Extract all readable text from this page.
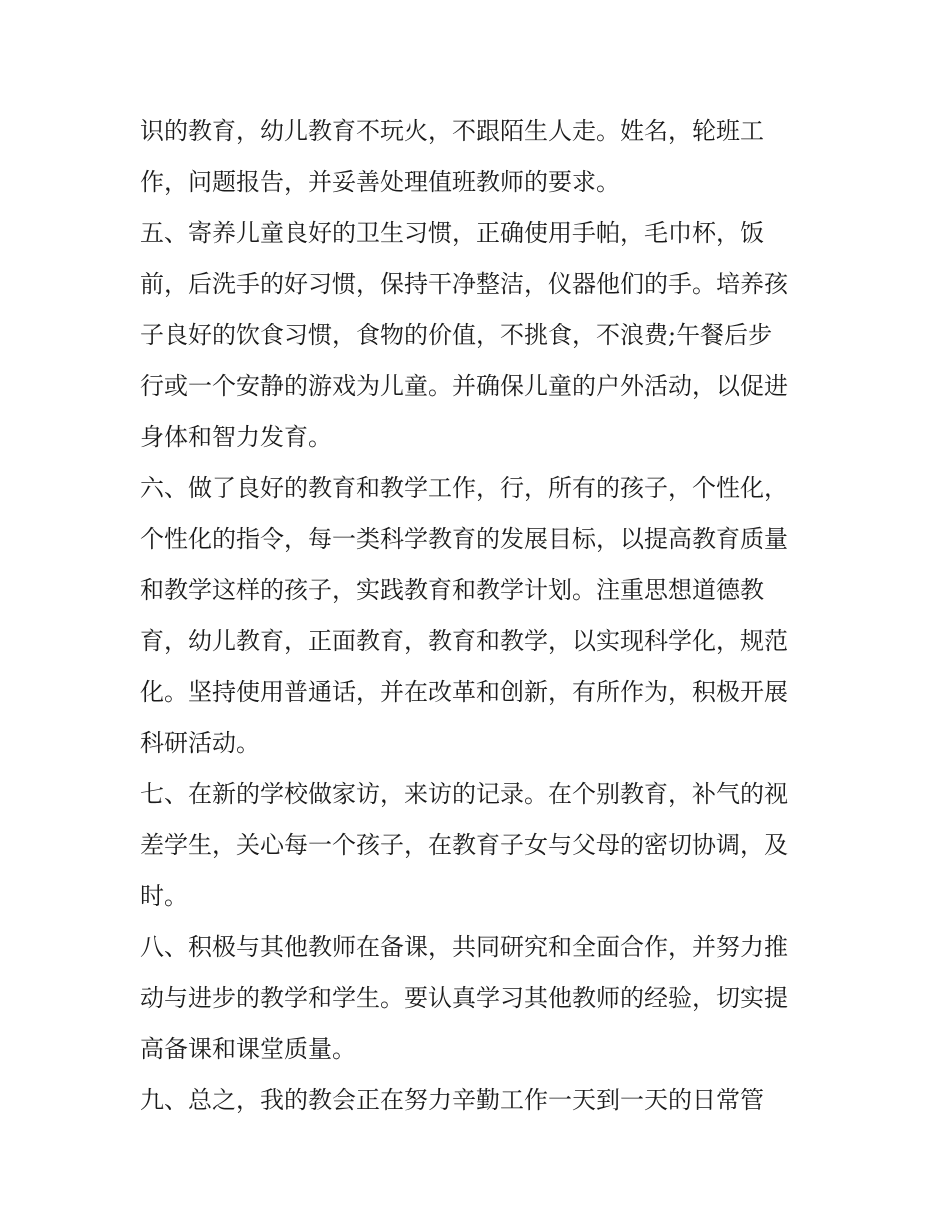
识的教育，幼儿教育不玩火，不跟陌生人走。姓名，轮班工
作，问题报告，并妥善处理值班教师的要求。
五、寄养儿童良好的卫生习惯，正确使用手帕，毛巾杯，饭
前，后洗手的好习惯，保持干净整洁，仪器他们的手。培养孩
子良好的饮食习惯，食物的价值，不挑食，不浪费;午餐后步
行或一个安静的游戏为儿童。并确保儿童的户外活动，以促进
身体和智力发育。
六、做了良好的教育和教学工作，行，所有的孩子，个性化，
个性化的指令，每一类科学教育的发展目标，以提高教育质量
和教学这样的孩子，实践教育和教学计划。注重思想道德教
育，幼儿教育，正面教育，教育和教学，以实现科学化，规范
化。坚持使用普通话，并在改革和创新，有所作为，积极开展
科研活动。
七、在新的学校做家访，来访的记录。在个别教育，补气的视
差学生，关心每一个孩子，在教育子女与父母的密切协调，及
时。
八、积极与其他教师在备课，共同研究和全面合作，并努力推
动与进步的教学和学生。要认真学习其他教师的经验，切实提
高备课和课堂质量。
九、总之，我的教会正在努力辛勤工作一天到一天的日常管
